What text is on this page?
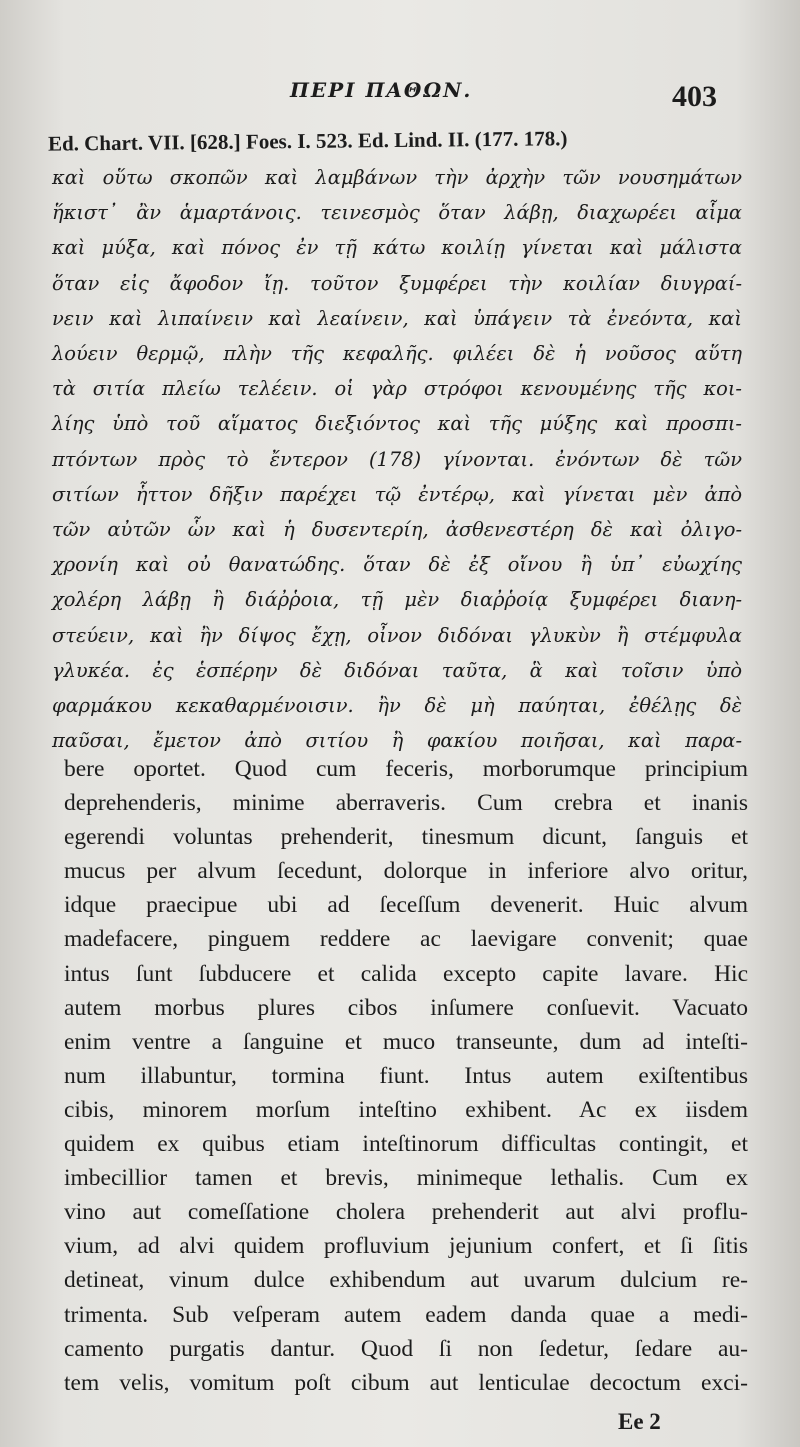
ΠΕΡΙ ΠΑΘΩΝ.	403
Ed. Chart. VII. [628.] Foes. I. 523. Ed. Lind. II. (177. 178.)
καὶ οὕτω σκοπῶν καὶ λαμβάνων τὴν ἀρχὴν τῶν νουσημάτων
ἥκιστ᾽ ἂν ἁμαρτάνοις. τεινεσμὸς ὅταν λάβῃ, διαχωρέει αἷμα
καὶ μύξα, καὶ πόνος ἐν τῇ κάτω κοιλίῃ γίνεται καὶ μάλιστα
ὅταν εἰς ἄφοδον ἴῃ. τοῦτον ξυμφέρει τὴν κοιλίαν διυγραί-
νειν καὶ λιπαίνειν καὶ λεαίνειν, καὶ ὑπάγειν τὰ ἐνεόντα, καὶ
λούειν θερμῷ, πλὴν τῆς κεφαλῆς. φιλέει δὲ ἡ νοῦσος αὕτη
τὰ σιτία πλείω τελέειν. οἱ γὰρ στρόφοι κενουμένης τῆς κοι-
λίης ὑπὸ τοῦ αἵματος διεξιόντος καὶ τῆς μύξης καὶ προσπι-
πτόντων πρὸς τὸ ἔντερον (178) γίνονται. ἐνόντων δὲ τῶν
σιτίων ἧττον δῆξιν παρέχει τῷ ἐντέρῳ, καὶ γίνεται μὲν ἀπὸ
τῶν αὐτῶν ὧν καὶ ἡ δυσεντερίη, ἀσθενεστέρη δὲ καὶ ὀλιγο-
χρονίη καὶ οὐ θανατώδης. ὅταν δὲ ἐξ οἴνου ἢ ὑπ᾽ εὐωχίης
χολέρη λάβῃ ἢ διάῤῥοια, τῇ μὲν διαῤῥοίᾳ ξυμφέρει διανη-
στεύειν, καὶ ἢν δίψος ἔχῃ, οἶνον διδόναι γλυκὺν ἢ στέμφυλα
γλυκέα. ἐς ἑσπέρην δὲ διδόναι ταῦτα, ἃ καὶ τοῖσιν ὑπὸ
φαρμάκου κεκαθαρμένοισιν. ἢν δὲ μὴ παύηται, ἐθέλῃς δὲ
παῦσαι, ἔμετον ἀπὸ σιτίου ἢ φακίου ποιῆσαι, καὶ παρα-
bere oportet. Quod cum feceris, morborumque principium
deprehenderis, minime aberraveris. Cum crebra et inanis
egerendi voluntas prehenderit, tinesmum dicunt, ſanguis et
mucus per alvum ſecedunt, dolorque in inferiore alvo oritur,
idque praecipue ubi ad ſeceſſum devenerit. Huic alvum
madefacere, pinguem reddere ac laevigare convenit; quae
intus ſunt ſubducere et calida excepto capite lavare. Hic
autem morbus plures cibos inſumere conſuevit. Vacuato
enim ventre a ſanguine et muco transeunte, dum ad inteſti-
num illabuntur, tormina fiunt. Intus autem exiſtentibus
cibis, minorem morſum inteſtino exhibent. Ac ex iisdem
quidem ex quibus etiam inteſtinorum difficultas contingit, et
imbecillior tamen et brevis, minimeque lethalis. Cum ex
vino aut comeſſatione cholera prehenderit aut alvi proflu-
vium, ad alvi quidem profluvium jejunium confert, et ſi ſitis
detineat, vinum dulce exhibendum aut uvarum dulcium re-
trimenta. Sub veſperam autem eadem danda quae a medi-
camento purgatis dantur. Quod ſi non ſedetur, ſedare au-
tem velis, vomitum poſt cibum aut lenticulae decoctum exci-
Ee 2
